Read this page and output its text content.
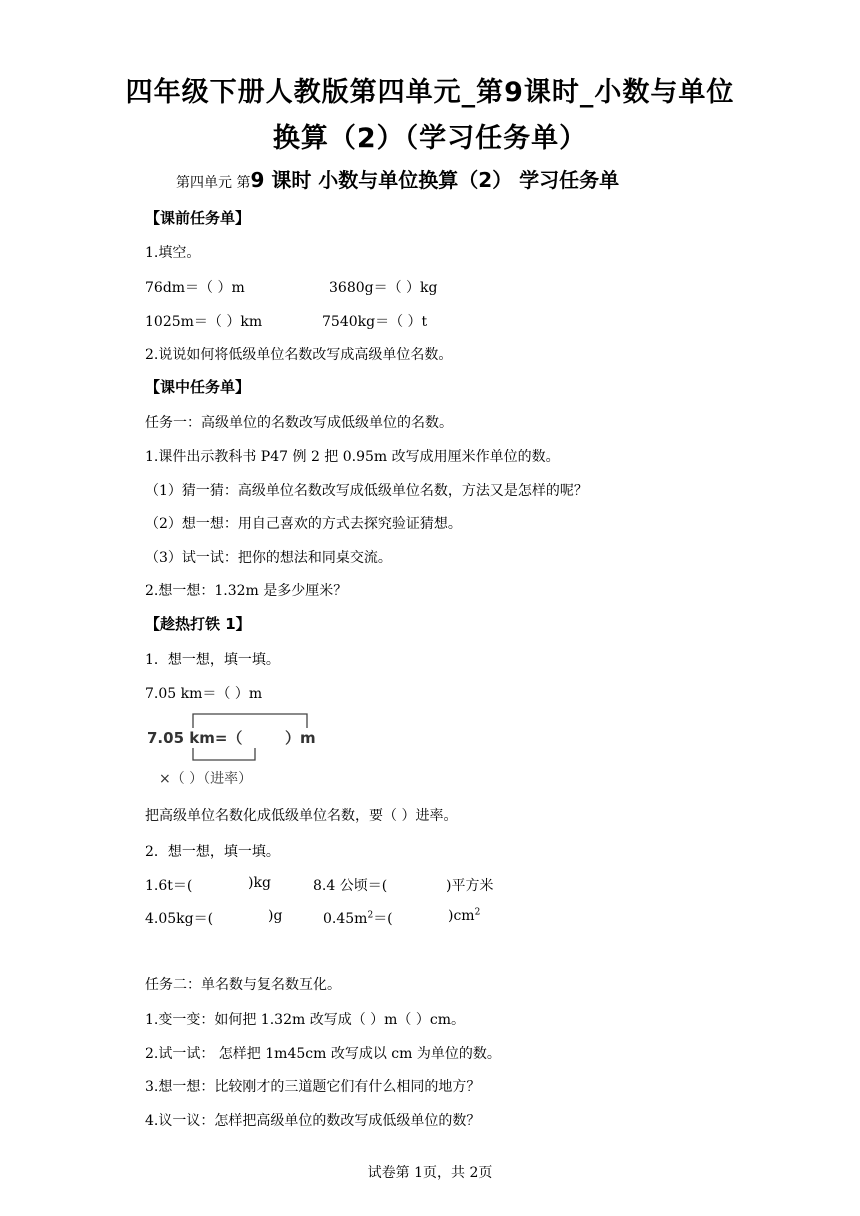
四年级下册人教版第四单元_第9课时_小数与单位
换算（2）（学习任务单）
第四单元 第9 课时 小数与单位换算（2） 学习任务单
【课前任务单】
1.填空。
76dm＝（ ）m	3680g＝（ ）kg
1025m＝（ ）km	7540kg＝（ ）t
2.说说如何将低级单位名数改写成高级单位名数。
【课中任务单】
任务一：高级单位的名数改写成低级单位的名数。
1.课件出示教科书 P47 例 2 把 0.95m 改写成用厘米作单位的数。
（1）猜一猜：高级单位名数改写成低级单位名数，方法又是怎样的呢？
（2）想一想：用自己喜欢的方式去探究验证猜想。
（3）试一试：把你的想法和同桌交流。
2.想一想：1.32m 是多少厘米？
【趁热打铁 1】
1．想一想，填一填。
7.05 km＝（ ）m
7.05 km=（	）m
×（ ）（进率）
把高级单位名数化成低级单位名数，要（ ）进率。
2．想一想，填一填。
1.6t＝(	)kg	8.4 公顷＝(	)平方米
4.05kg＝(	)g	$0.45m^2=$(	)$cm^2$
任务二：单名数与复名数互化。
1.变一变：如何把 1.32m 改写成（ ）m（ ）cm。
2.试一试： 怎样把 1m45cm 改写成以 cm 为单位的数。
3.想一想：比较刚才的三道题它们有什么相同的地方？
4.议一议：怎样把高级单位的数改写成低级单位的数？
试卷第 1页，共 2页
